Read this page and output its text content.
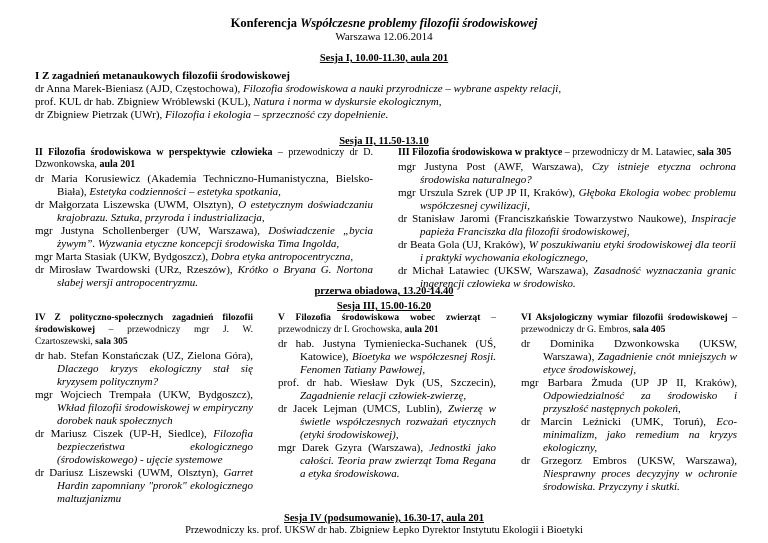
Konferencja Współczesne problemy filozofii środowiskowej
Warszawa 12.06.2014
Sesja I, 10.00-11.30, aula 201

I Z zagadnień metanaukowych filozofii środowiskowej

dr Anna Marek-Bieniasz (AJD, Częstochowa), Filozofia środowiskowa a nauki przyrodnicze – wybrane aspekty relacji,

prof. KUL dr hab. Zbigniew Wróblewski (KUL), Natura i norma w dyskursie ekologicznym,

dr Zbigniew Pietrzak (UWr), Filozofia i ekologia – sprzeczność czy dopełnienie.

Sesja II, 11.50-13.10

II Filozofia środowiskowa w perspektywie człowieka – przewodniczy dr D. Dzwonkowska, aula 201

dr Maria Korusiewicz (Akademia Techniczno-Humanistyczna, Bielsko-Biała), Estetyka codzienności – estetyka spotkania,

dr Małgorzata Liszewska (UWM, Olsztyn), O estetycznym doświadczaniu krajobrazu. Sztuka, przyroda i industrializacja,

mgr Justyna Schollenberger (UW, Warszawa), Doświadczenie „bycia żywym”. Wyzwania etyczne koncepcji środowiska Tima Ingolda,

mgr Marta Stasiak (UKW, Bydgoszcz), Dobra etyka antropocentryczna,

dr Mirosław Twardowski (URz, Rzeszów), Krótko o Bryana G. Nortona słabej wersji antropocentryzmu.

III Filozofia środowiskowa w praktyce – przewodniczy dr M. Latawiec, sala 305

mgr Justyna Post (AWF, Warszawa), Czy istnieje etyczna ochrona środowiska naturalnego?

mgr Urszula Szrek (UP JP II, Kraków), Głęboka Ekologia wobec problemu współczesnej cywilizacji,

dr Stanisław Jaromi (Franciszkańskie Towarzystwo Naukowe), Inspiracje papieża Franciszka dla filozofii środowiskowej,

dr Beata Gola (UJ, Kraków), W poszukiwaniu etyki środowiskowej dla teorii i praktyki wychowania ekologicznego,

dr Michał Latawiec (UKSW, Warszawa), Zasadność wyznaczania granic ingerencji człowieka w środowisko.

przerwa obiadowa, 13.20-14.40
Sesja III, 15.00-16.20

IV Z polityczno-społecznych zagadnień filozofii środowiskowej – przewodniczy mgr J. W. Czartoszewski, sala 305

dr hab. Stefan Konstańczak (UZ, Zielona Góra), Dlaczego kryzys ekologiczny stał się kryzysem politycznym?

mgr Wojciech Trempała (UKW, Bydgoszcz), Wkład filozofii środowiskowej w empiryczny dorobek nauk społecznych

dr Mariusz Ciszek (UP-H, Siedlce), Filozofia bezpieczeństwa ekologicznego (środowiskowego) - ujęcie systemowe

dr Dariusz Liszewski (UWM, Olsztyn), Garret Hardin zapomniany "prorok" ekologicznego maltuzjanizmu

V Filozofia środowiskowa wobec zwierząt – przewodniczy dr I. Grochowska, aula 201

dr hab. Justyna Tymieniecka-Suchanek (UŚ, Katowice), Bioetyka we współczesnej Rosji. Fenomen Tatiany Pawłowej,

prof. dr hab. Wiesław Dyk (US, Szczecin), Zagadnienie relacji człowiek-zwierzę,

dr Jacek Lejman (UMCS, Lublin), Zwierzę w świetle współczesnych rozważań etycznych (etyki środowiskowej),

mgr Darek Gzyra (Warszawa), Jednostki jako całości. Teoria praw zwierząt Toma Regana a etyka środowiskowa.

VI Aksjologiczny wymiar filozofii środowiskowej – przewodniczy dr G. Embros, sala 405

dr Dominika Dzwonkowska (UKSW, Warszawa), Zagadnienie cnót mniejszych w etyce środowiskowej,

mgr Barbara Żmuda (UP JP II, Kraków), Odpowiedzialność za środowisko i przyszłość następnych pokoleń,

dr Marcin Leźnicki (UMK, Toruń), Eco-minimalizm, jako remedium na kryzys ekologiczny,

dr Grzegorz Embros (UKSW, Warszawa), Niesprawny proces decyzyjny w ochronie środowiska. Przyczyny i skutki.

Sesja IV (podsumowanie), 16.30-17, aula 201
Przewodniczy ks. prof. UKSW dr hab. Zbigniew Łepko Dyrektor Instytutu Ekologii i Bioetyki
